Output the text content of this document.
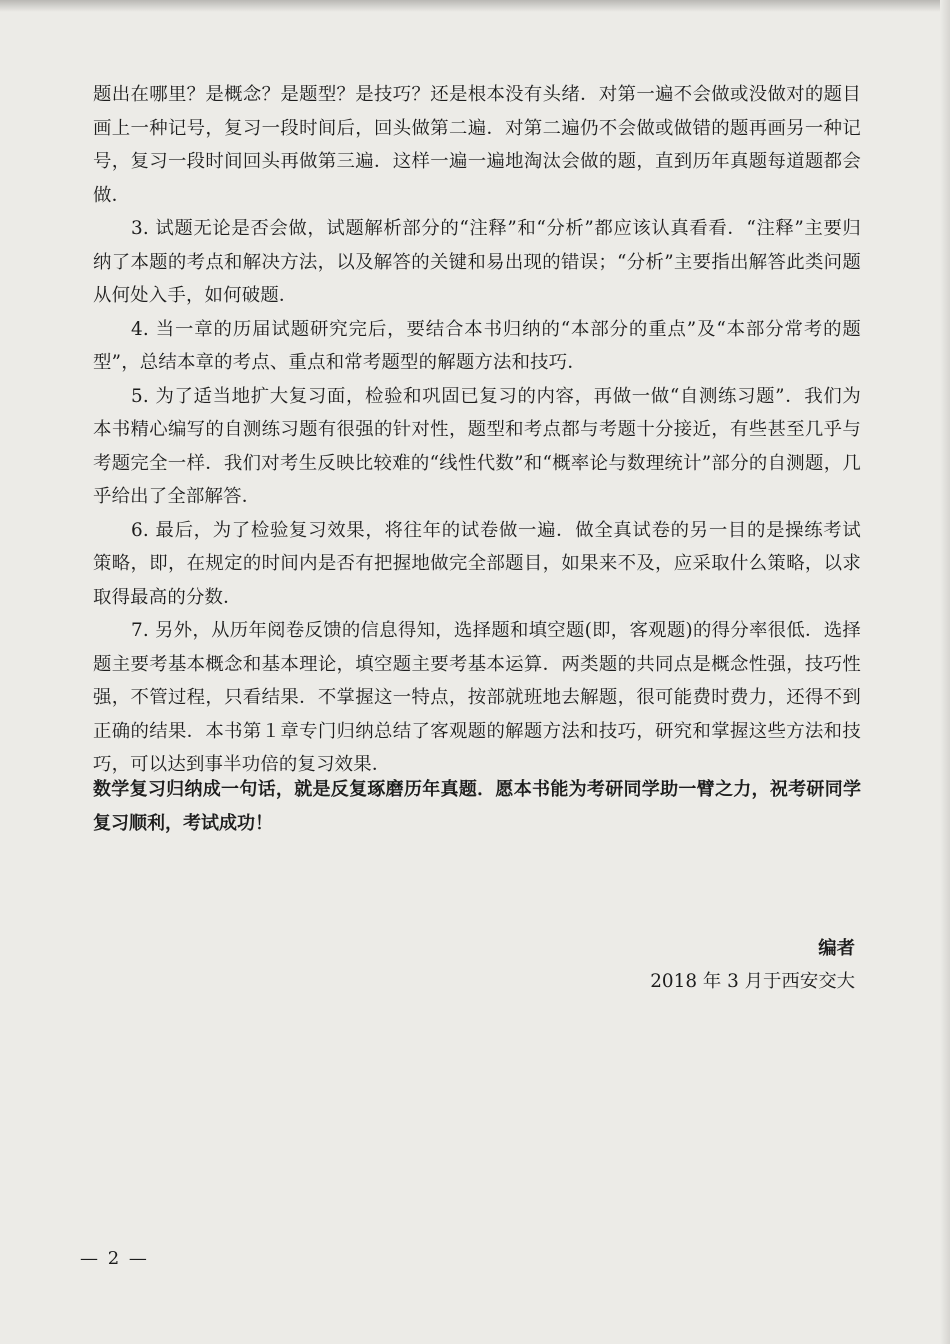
题出在哪里？是概念？是题型？是技巧？还是根本没有头绪．对第一遍不会做或没做对的题目画上一种记号，复习一段时间后，回头做第二遍．对第二遍仍不会做或做错的题再画另一种记号，复习一段时间回头再做第三遍．这样一遍一遍地淘汰会做的题，直到历年真题每道题都会做．

3. 试题无论是否会做，试题解析部分的“注释”和“分析”都应该认真看看．“注释”主要归纳了本题的考点和解决方法，以及解答的关键和易出现的错误；“分析”主要指出解答此类问题从何处入手，如何破题．

4. 当一章的历届试题研究完后，要结合本书归纳的“本部分的重点”及“本部分常考的题型”，总结本章的考点、重点和常考题型的解题方法和技巧．

5. 为了适当地扩大复习面，检验和巩固已复习的内容，再做一做“自测练习题”．我们为本书精心编写的自测练习题有很强的针对性，题型和考点都与考题十分接近，有些甚至几乎与考题完全一样．我们对考生反映比较难的“线性代数”和“概率论与数理统计”部分的自测题，几乎给出了全部解答．

6. 最后，为了检验复习效果，将往年的试卷做一遍．做全真试卷的另一目的是操练考试策略，即，在规定的时间内是否有把握地做完全部题目，如果来不及，应采取什么策略，以求取得最高的分数．

7. 另外，从历年阅卷反馈的信息得知，选择题和填空题(即，客观题)的得分率很低．选择题主要考基本概念和基本理论，填空题主要考基本运算．两类题的共同点是概念性强，技巧性强，不管过程，只看结果．不掌握这一特点，按部就班地去解题，很可能费时费力，还得不到正确的结果．本书第１章专门归纳总结了客观题的解题方法和技巧，研究和掌握这些方法和技巧，可以达到事半功倍的复习效果．

数学复习归纳成一句话，就是反复琢磨历年真题．愿本书能为考研同学助一臂之力，祝考研同学复习顺利，考试成功！

编者
2018 年 3 月于西安交大
— 2 —
